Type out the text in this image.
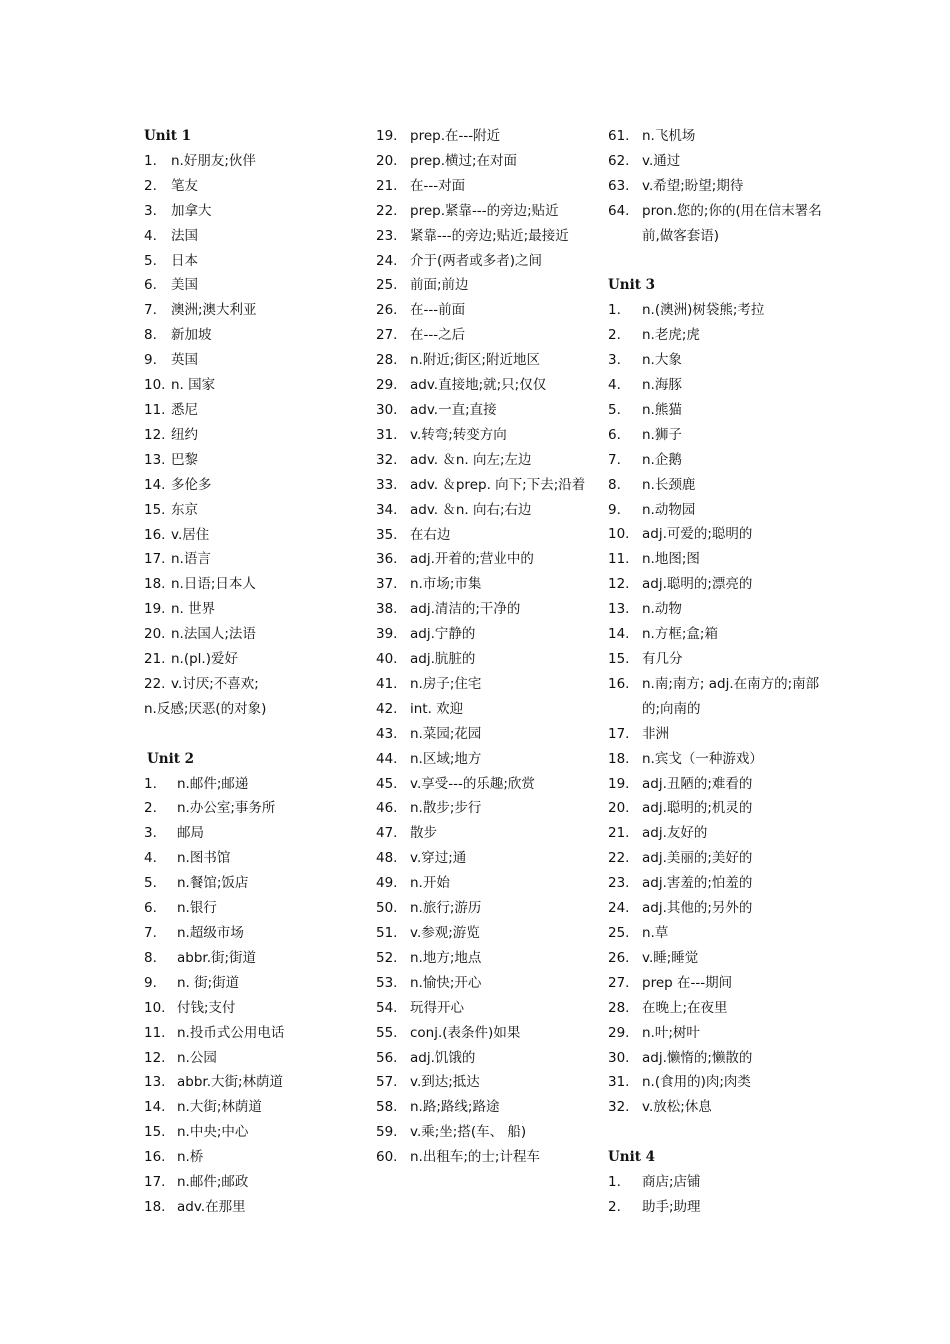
Unit 1
1.	n.好朋友;伙伴
2.	笔友
3.	加拿大
4.	法国
5.	日本
6.	美国
7.	澳洲;澳大利亚
8.	新加坡
9.	英国
10. n. 国家
11. 悉尼
12. 纽约
13. 巴黎
14. 多伦多
15. 东京
16. v.居住
17. n.语言
18. n.日语;日本人
19. n. 世界
20. n.法国人;法语
21. n.(pl.)爱好
22. v.讨厌;不喜欢;
n.反感;厌恶(的对象)
Unit 2
1.	n.邮件;邮递
2.	n.办公室;事务所
3.	邮局
4.	n.图书馆
5.	n.餐馆;饭店
6.	n.银行
7.	n.超级市场
8.	abbr.街;街道
9.	n. 街;街道
10. 付钱;支付
11. n.投币式公用电话
12. n.公园
13. abbr.大街;林荫道
14. n.大街;林荫道
15. n.中央;中心
16. n.桥
17. n.邮件;邮政
18. adv.在那里
19. prep.在---附近
20. prep.横过;在对面
21. 在---对面
22. prep.紧靠---的旁边;贴近
23. 紧靠---的旁边;贴近;最接近
24. 介于(两者或多者)之间
25. 前面;前边
26. 在---前面
27. 在---之后
28. n.附近;街区;附近地区
29. adv.直接地;就;只;仅仅
30. adv.一直;直接
31. v.转弯;转变方向
32. adv. ＆n. 向左;左边
33. adv. ＆prep. 向下;下去;沿着
34. adv. ＆n. 向右;右边
35. 在右边
36. adj.开着的;营业中的
37. n.市场;市集
38. adj.清洁的;干净的
39. adj.宁静的
40. adj.肮脏的
41. n.房子;住宅
42. int. 欢迎
43. n.菜园;花园
44. n.区域;地方
45. v.享受---的乐趣;欣赏
46. n.散步;步行
47. 散步
48. v.穿过;通
49. n.开始
50. n.旅行;游历
51. v.参观;游览
52. n.地方;地点
53. n.愉快;开心
54. 玩得开心
55. conj.(表条件)如果
56. adj.饥饿的
57. v.到达;抵达
58. n.路;路线;路途
59. v.乘;坐;搭(车、 船)
60. n.出租车;的士;计程车
61. n.飞机场
62. v.通过
63. v.希望;盼望;期待
64. pron.您的;你的(用在信末署名前,做客套语)
Unit 3
1.	n.(澳洲)树袋熊;考拉
2.	n.老虎;虎
3.	n.大象
4.	n.海豚
5.	n.熊猫
6.	n.狮子
7.	n.企鹅
8.	n.长颈鹿
9.	n.动物园
10. adj.可爱的;聪明的
11. n.地图;图
12. adj.聪明的;漂亮的
13. n.动物
14. n.方框;盒;箱
15. 有几分
16. n.南;南方; adj.在南方的;南部的;向南的
17. 非洲
18. n.宾戈（一种游戏）
19. adj.丑陋的;难看的
20. adj.聪明的;机灵的
21. adj.友好的
22. adj.美丽的;美好的
23. adj.害羞的;怕羞的
24. adj.其他的;另外的
25. n.草
26. v.睡;睡觉
27. prep 在---期间
28. 在晚上;在夜里
29. n.叶;树叶
30. adj.懒惰的;懒散的
31. n.(食用的)肉;肉类
32. v.放松;休息
Unit 4
1.	商店;店铺
2.	助手;助理
